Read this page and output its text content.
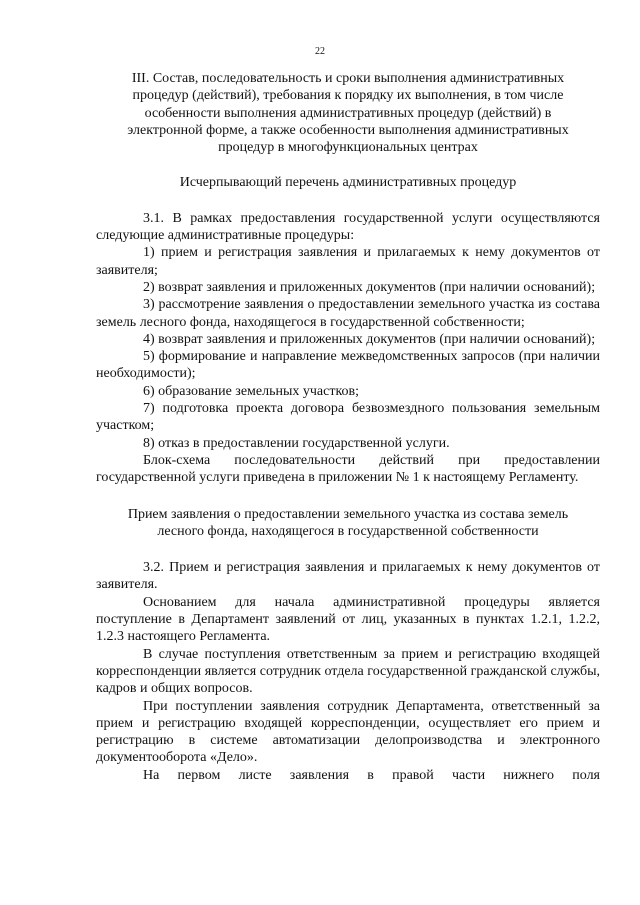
22
III. Состав, последовательность и сроки выполнения административных
процедур (действий), требования к порядку их выполнения, в том числе
особенности выполнения административных процедур (действий) в
электронной форме, а также особенности выполнения административных
процедур в многофункциональных центрах

Исчерпывающий перечень административных процедур

3.1. В рамках предоставления государственной услуги осуществляются следующие административные процедуры:

1) прием и регистрация заявления и прилагаемых к нему документов от заявителя;

2) возврат заявления и приложенных документов (при наличии оснований);

3) рассмотрение заявления о предоставлении земельного участка из состава земель лесного фонда, находящегося в государственной собственности;

4) возврат заявления и приложенных документов (при наличии оснований);

5) формирование и направление межведомственных запросов (при наличии необходимости);

6) образование земельных участков;

7) подготовка проекта договора безвозмездного пользования земельным участком;

8) отказ в предоставлении государственной услуги.

Блок-схема последовательности действий при предоставлении государственной услуги приведена в приложении № 1 к настоящему Регламенту.

Прием заявления о предоставлении земельного участка из состава земель
лесного фонда, находящегося в государственной собственности

3.2. Прием и регистрация заявления и прилагаемых к нему документов от заявителя.

Основанием для начала административной процедуры является поступление в Департамент заявлений от лиц, указанных в пунктах 1.2.1, 1.2.2, 1.2.3 настоящего Регламента.

В случае поступления ответственным за прием и регистрацию входящей корреспонденции является сотрудник отдела государственной гражданской службы, кадров и общих вопросов.

При поступлении заявления сотрудник Департамента, ответственный за прием и регистрацию входящей корреспонденции, осуществляет его прием и регистрацию в системе автоматизации делопроизводства и электронного документооборота «Дело».

На первом листе заявления в правой части нижнего поля
